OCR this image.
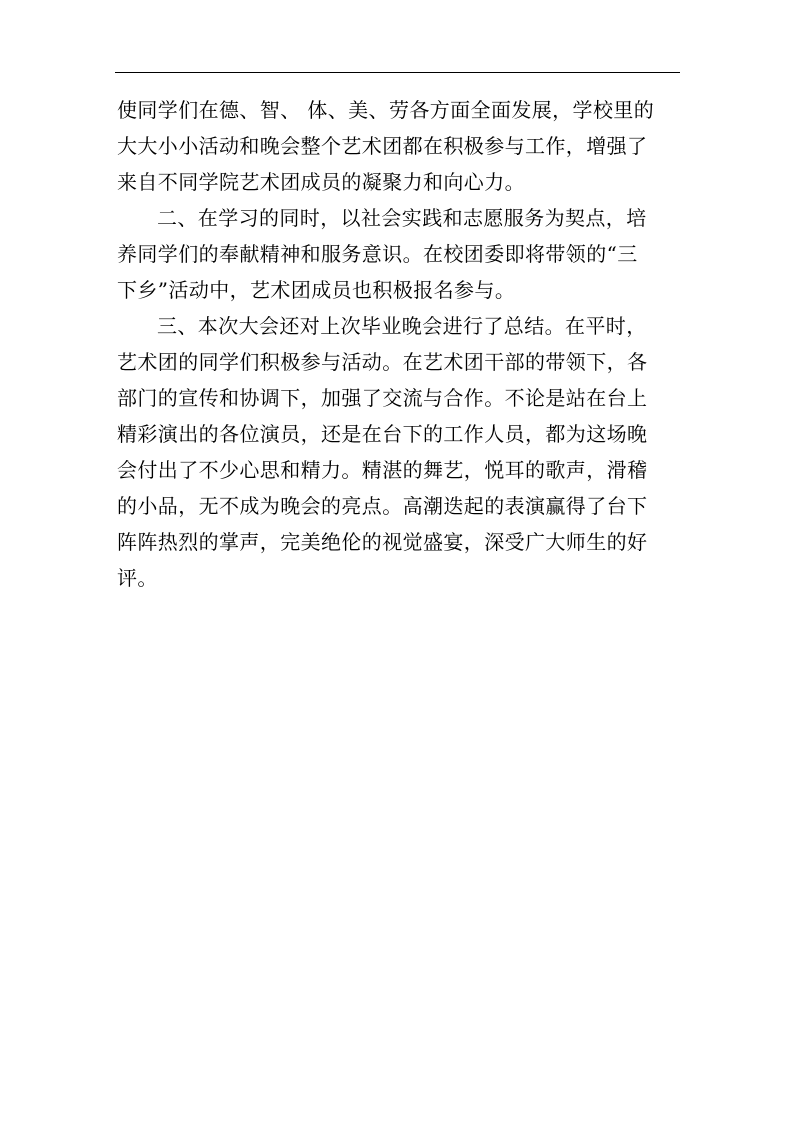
使同学们在德、智、 体、美、劳各方面全面发展，学校里的
大大小小活动和晚会整个艺术团都在积极参与工作，增强了
来自不同学院艺术团成员的凝聚力和向心力。
二、在学习的同时，以社会实践和志愿服务为契点，培
养同学们的奉献精神和服务意识。在校团委即将带领的“三
下乡”活动中，艺术团成员也积极报名参与。
三、本次大会还对上次毕业晚会进行了总结。在平时，
艺术团的同学们积极参与活动。在艺术团干部的带领下，各
部门的宣传和协调下，加强了交流与合作。不论是站在台上
精彩演出的各位演员，还是在台下的工作人员，都为这场晚
会付出了不少心思和精力。精湛的舞艺，悦耳的歌声，滑稽
的小品，无不成为晚会的亮点。高潮迭起的表演赢得了台下
阵阵热烈的掌声，完美绝伦的视觉盛宴，深受广大师生的好
评。
